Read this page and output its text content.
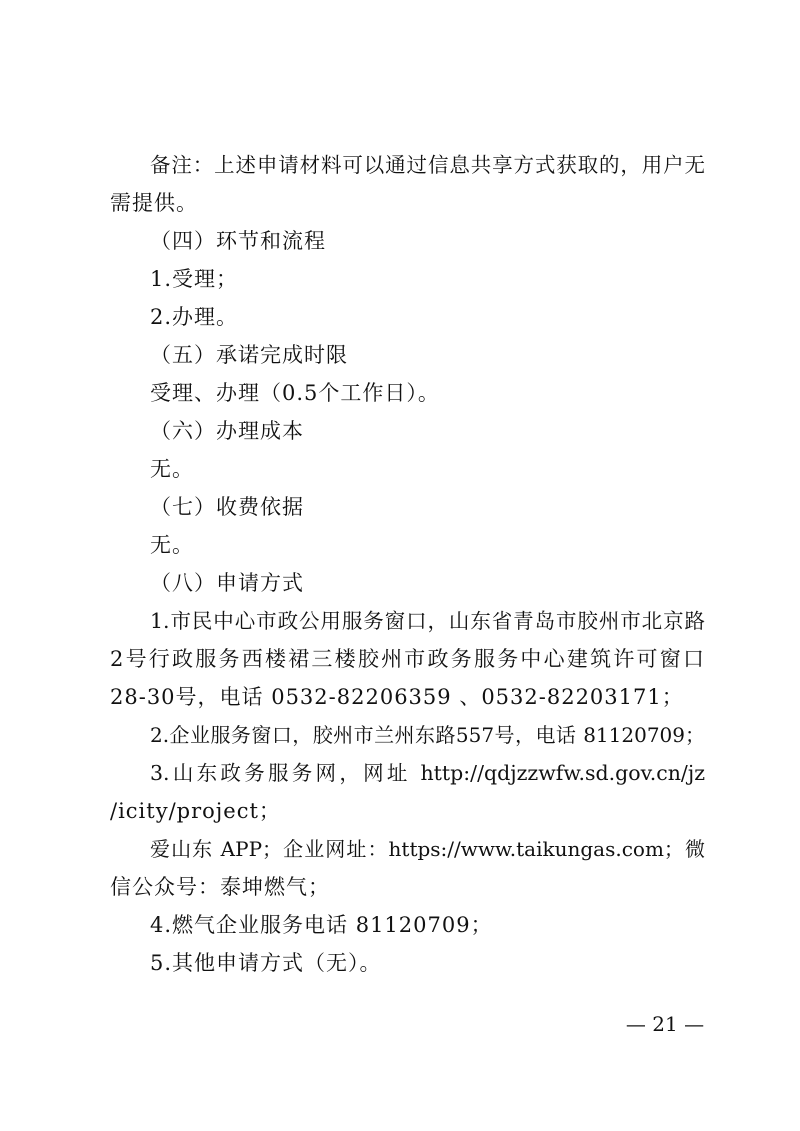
备注：上述申请材料可以通过信息共享方式获取的，用户无
需提供。
（四）环节和流程
1.受理；
2.办理。
（五）承诺完成时限
受理、办理（0.5个工作日）。
（六）办理成本
无。
（七）收费依据
无。
（八）申请方式
1.市民中心市政公用服务窗口，山东省青岛市胶州市北京路
2号行政服务西楼裙三楼胶州市政务服务中心建筑许可窗口
28-30号，电话 0532-82206359 、0532-82203171；
2.企业服务窗口，胶州市兰州东路557号，电话 81120709；
3.山东政务服务网，网址 http://qdjzzwfw.sd.gov.cn/jz
/icity/project；
爱山东 APP；企业网址：https://www.taikungas.com；微
信公众号：泰坤燃气；
4.燃气企业服务电话 81120709；
5.其他申请方式（无）。
— 21 —
